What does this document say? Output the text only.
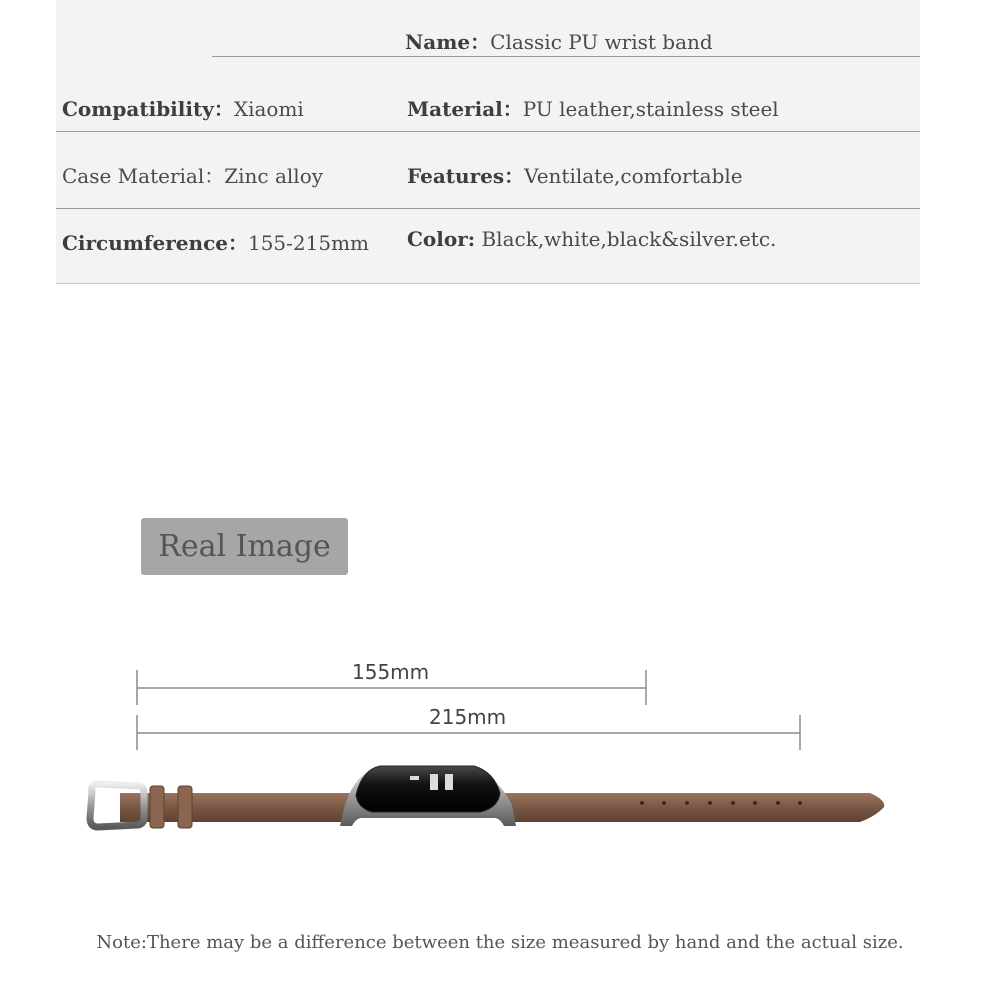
Name：Classic PU wrist band
Compatibility：Xiaomi	Material：PU leather,stainless steel
Case Material：Zinc alloy	Features：Ventilate,comfortable
Circumference：155-215mm Color: Black,white,black&silver.etc.
Real Image
155mm
215mm
Note:There may be a difference between the size measured by hand and the actual size.
